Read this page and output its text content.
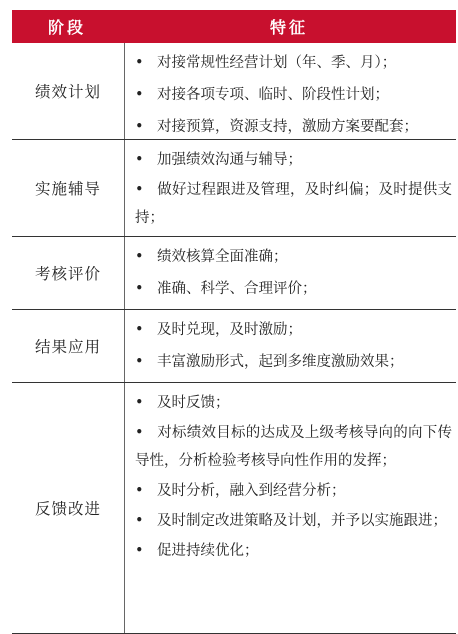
阶段	特征
绩效计划
• 对接常规性经营计划（年、季、月）；
• 对接各项专项、临时、阶段性计划；
• 对接预算，资源支持，激励方案要配套；
实施辅导
• 加强绩效沟通与辅导；
• 做好过程跟进及管理，及时纠偏；及时提供支持；
考核评价
• 绩效核算全面准确；
• 准确、科学、合理评价；
结果应用
• 及时兑现，及时激励；
• 丰富激励形式，起到多维度激励效果；
反馈改进
• 及时反馈；
• 对标绩效目标的达成及上级考核导向的向下传导性，分析检验考核导向性作用的发挥；
• 及时分析，融入到经营分析；
• 及时制定改进策略及计划，并予以实施跟进；
• 促进持续优化；
